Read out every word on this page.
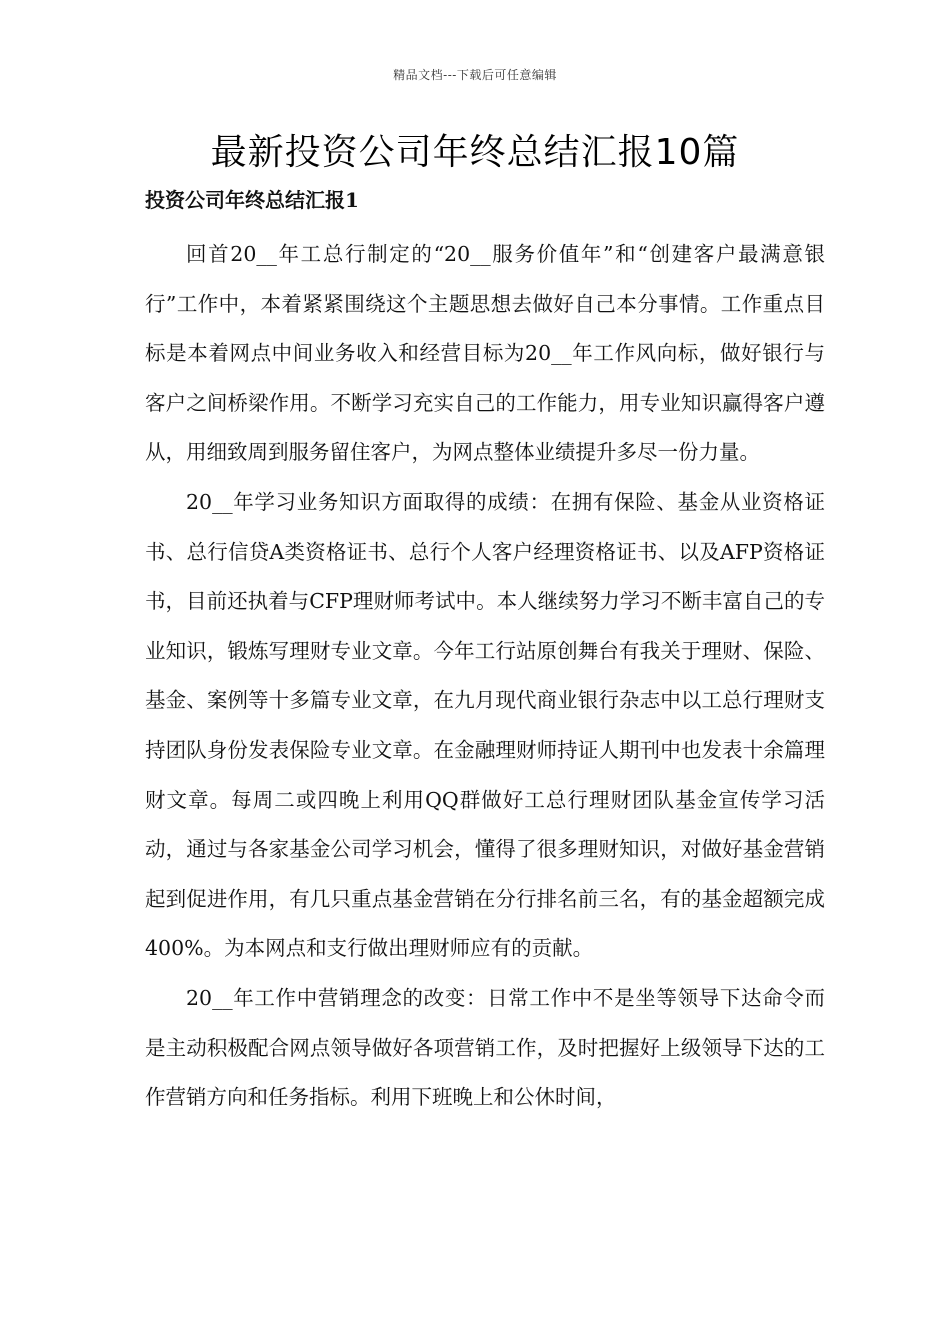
精品文档---下载后可任意编辑
最新投资公司年终总结汇报10篇
投资公司年终总结汇报1

回首20__年工总行制定的“20__服务价值年”和“创建客户最满意银行”工作中，本着紧紧围绕这个主题思想去做好自己本分事情。工作重点目标是本着网点中间业务收入和经营目标为20__年工作风向标，做好银行与客户之间桥梁作用。不断学习充实自己的工作能力，用专业知识赢得客户遵从，用细致周到服务留住客户，为网点整体业绩提升多尽一份力量。

20__年学习业务知识方面取得的成绩：在拥有保险、基金从业资格证书、总行信贷A类资格证书、总行个人客户经理资格证书、以及AFP资格证书，目前还执着与CFP理财师考试中。本人继续努力学习不断丰富自己的专业知识，锻炼写理财专业文章。今年工行站原创舞台有我关于理财、保险、基金、案例等十多篇专业文章，在九月现代商业银行杂志中以工总行理财支持团队身份发表保险专业文章。在金融理财师持证人期刊中也发表十余篇理财文章。每周二或四晚上利用QQ群做好工总行理财团队基金宣传学习活动，通过与各家基金公司学习机会，懂得了很多理财知识，对做好基金营销起到促进作用，有几只重点基金营销在分行排名前三名，有的基金超额完成400%。为本网点和支行做出理财师应有的贡献。

20__年工作中营销理念的改变：日常工作中不是坐等领导下达命令而是主动积极配合网点领导做好各项营销工作，及时把握好上级领导下达的工作营销方向和任务指标。利用下班晚上和公休时间，
